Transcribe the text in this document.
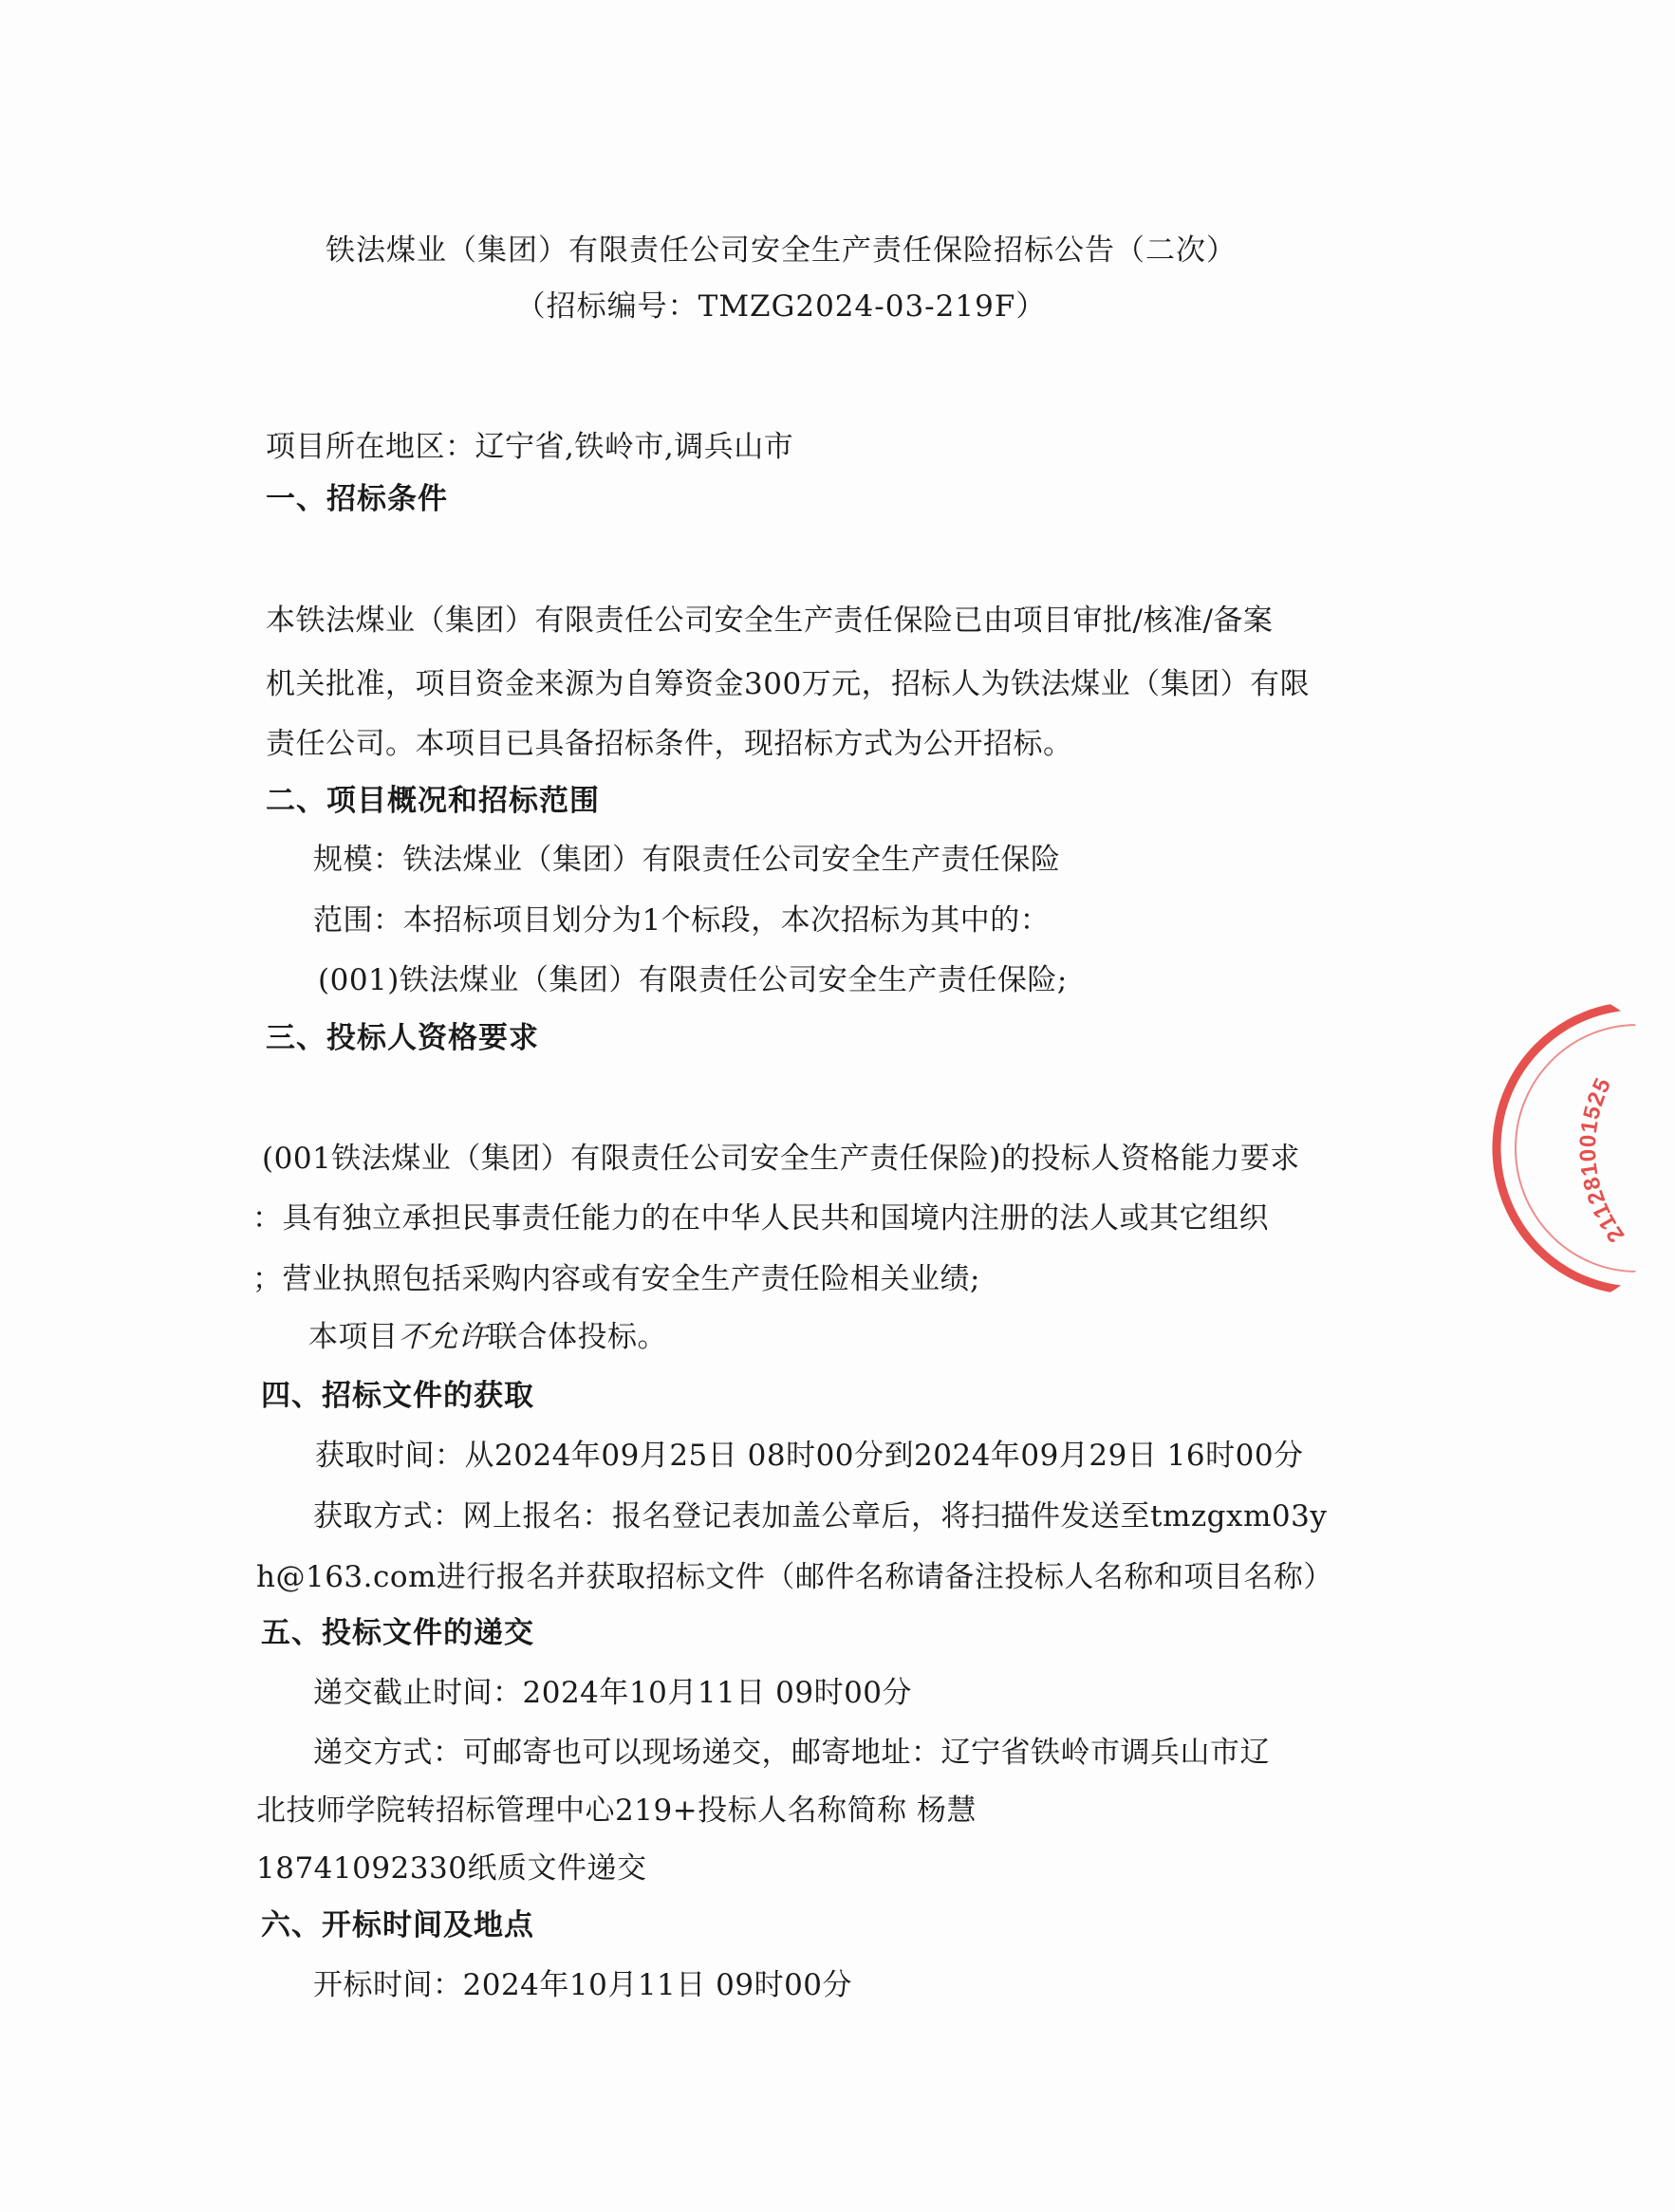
铁法煤业（集团）有限责任公司安全生产责任保险招标公告（二次）
（招标编号：TMZG2024-03-219F）
项目所在地区：辽宁省,铁岭市,调兵山市
一、招标条件
本铁法煤业（集团）有限责任公司安全生产责任保险已由项目审批/核准/备案
机关批准，项目资金来源为自筹资金300万元，招标人为铁法煤业（集团）有限
责任公司。本项目已具备招标条件，现招标方式为公开招标。
二、项目概况和招标范围
规模：铁法煤业（集团）有限责任公司安全生产责任保险
范围：本招标项目划分为1个标段，本次招标为其中的：
(001)铁法煤业（集团）有限责任公司安全生产责任保险;
三、投标人资格要求
(001铁法煤业（集团）有限责任公司安全生产责任保险)的投标人资格能力要求
：具有独立承担民事责任能力的在中华人民共和国境内注册的法人或其它组织
；营业执照包括采购内容或有安全生产责任险相关业绩;
本项目不允许联合体投标。
四、招标文件的获取
获取时间：从2024年09月25日 08时00分到2024年09月29日 16时00分
获取方式：网上报名：报名登记表加盖公章后，将扫描件发送至tmzgxm03y
h@163.com进行报名并获取招标文件（邮件名称请备注投标人名称和项目名称）
五、投标文件的递交
递交截止时间：2024年10月11日 09时00分
递交方式：可邮寄也可以现场递交，邮寄地址：辽宁省铁岭市调兵山市辽
北技师学院转招标管理中心219+投标人名称简称 杨慧
18741092330纸质文件递交
六、开标时间及地点
开标时间：2024年10月11日 09时00分
211281001525
